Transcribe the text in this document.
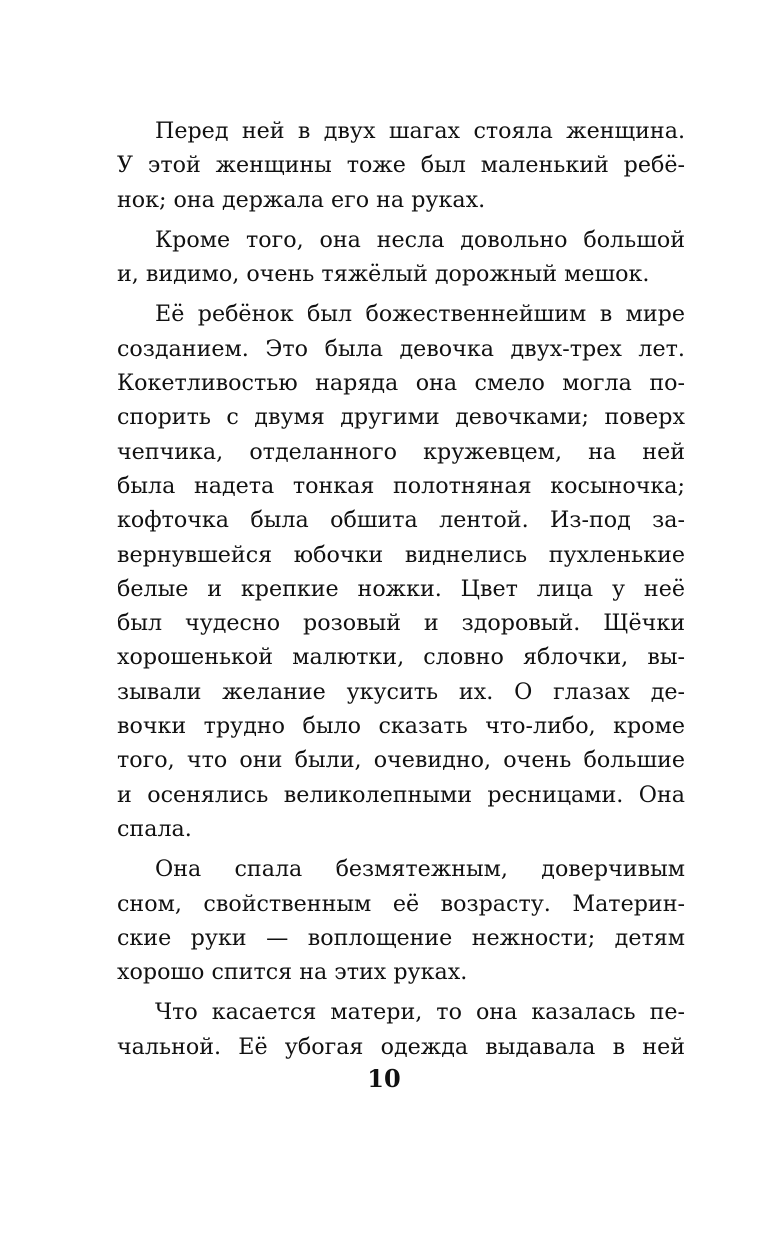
Перед ней в двух шагах стояла женщина.
У этой женщины тоже был маленький ребё-
нок; она держала его на руках.
Кроме того, она несла довольно большой
и, видимо, очень тяжёлый дорожный мешок.
Её ребёнок был божественнейшим в мире
созданием. Это была девочка двух-трех лет.
Кокетливостью наряда она смело могла по-
спорить с двумя другими девочками; поверх
чепчика, отделанного кружевцем, на ней
была надета тонкая полотняная косыночка;
кофточка была обшита лентой. Из-под за-
вернувшейся юбочки виднелись пухленькие
белые и крепкие ножки. Цвет лица у неё
был чудесно розовый и здоровый. Щёчки
хорошенькой малютки, словно яблочки, вы-
зывали желание укусить их. О глазах де-
вочки трудно было сказать что-либо, кроме
того, что они были, очевидно, очень большие
и осенялись великолепными ресницами. Она
спала.
Она спала безмятежным, доверчивым
сном, свойственным её возрасту. Материн-
ские руки — воплощение нежности; детям
хорошо спится на этих руках.
Что касается матери, то она казалась пе-
чальной. Её убогая одежда выдавала в ней
10
